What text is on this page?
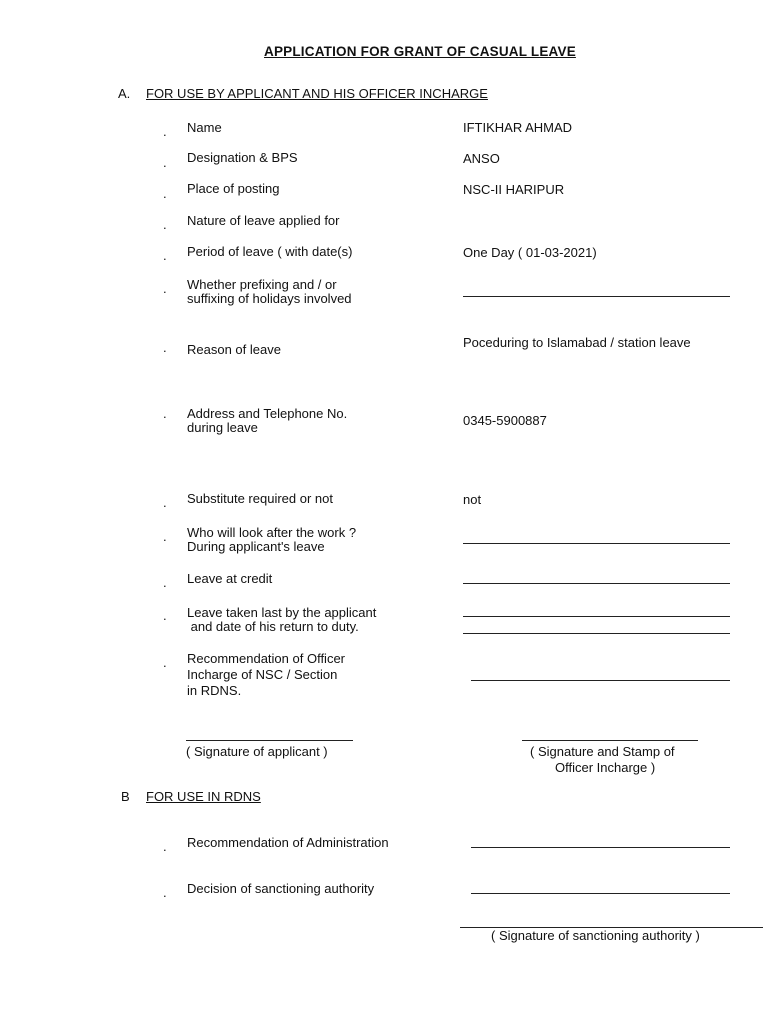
APPLICATION FOR GRANT OF CASUAL LEAVE
A. FOR USE BY APPLICANT AND HIS OFFICER INCHARGE
. Name	IFTIKHAR AHMAD
. Designation & BPS	ANSO
. Place of posting	NSC-II HARIPUR
. Nature of leave applied for
. Period of leave ( with date(s)	One Day ( 01-03-2021)
. Whether prefixing and / or
suffixing of holidays involved
. Reason of leave	Poceduring to Islamabad / station leave
. Address and Telephone No.
during leave	0345-5900887
. Substitute required or not	not
. Who will look after the work ?
During applicant's leave
. Leave at credit
. Leave taken last by the applicant
and date of his return to duty.
. Recommendation of Officer
Incharge of NSC / Section
in RDNS.
( Signature of applicant )	( Signature and Stamp of
Officer Incharge )
B FOR USE IN RDNS
. Recommendation of Administration
. Decision of sanctioning authority
( Signature of sanctioning authority )
